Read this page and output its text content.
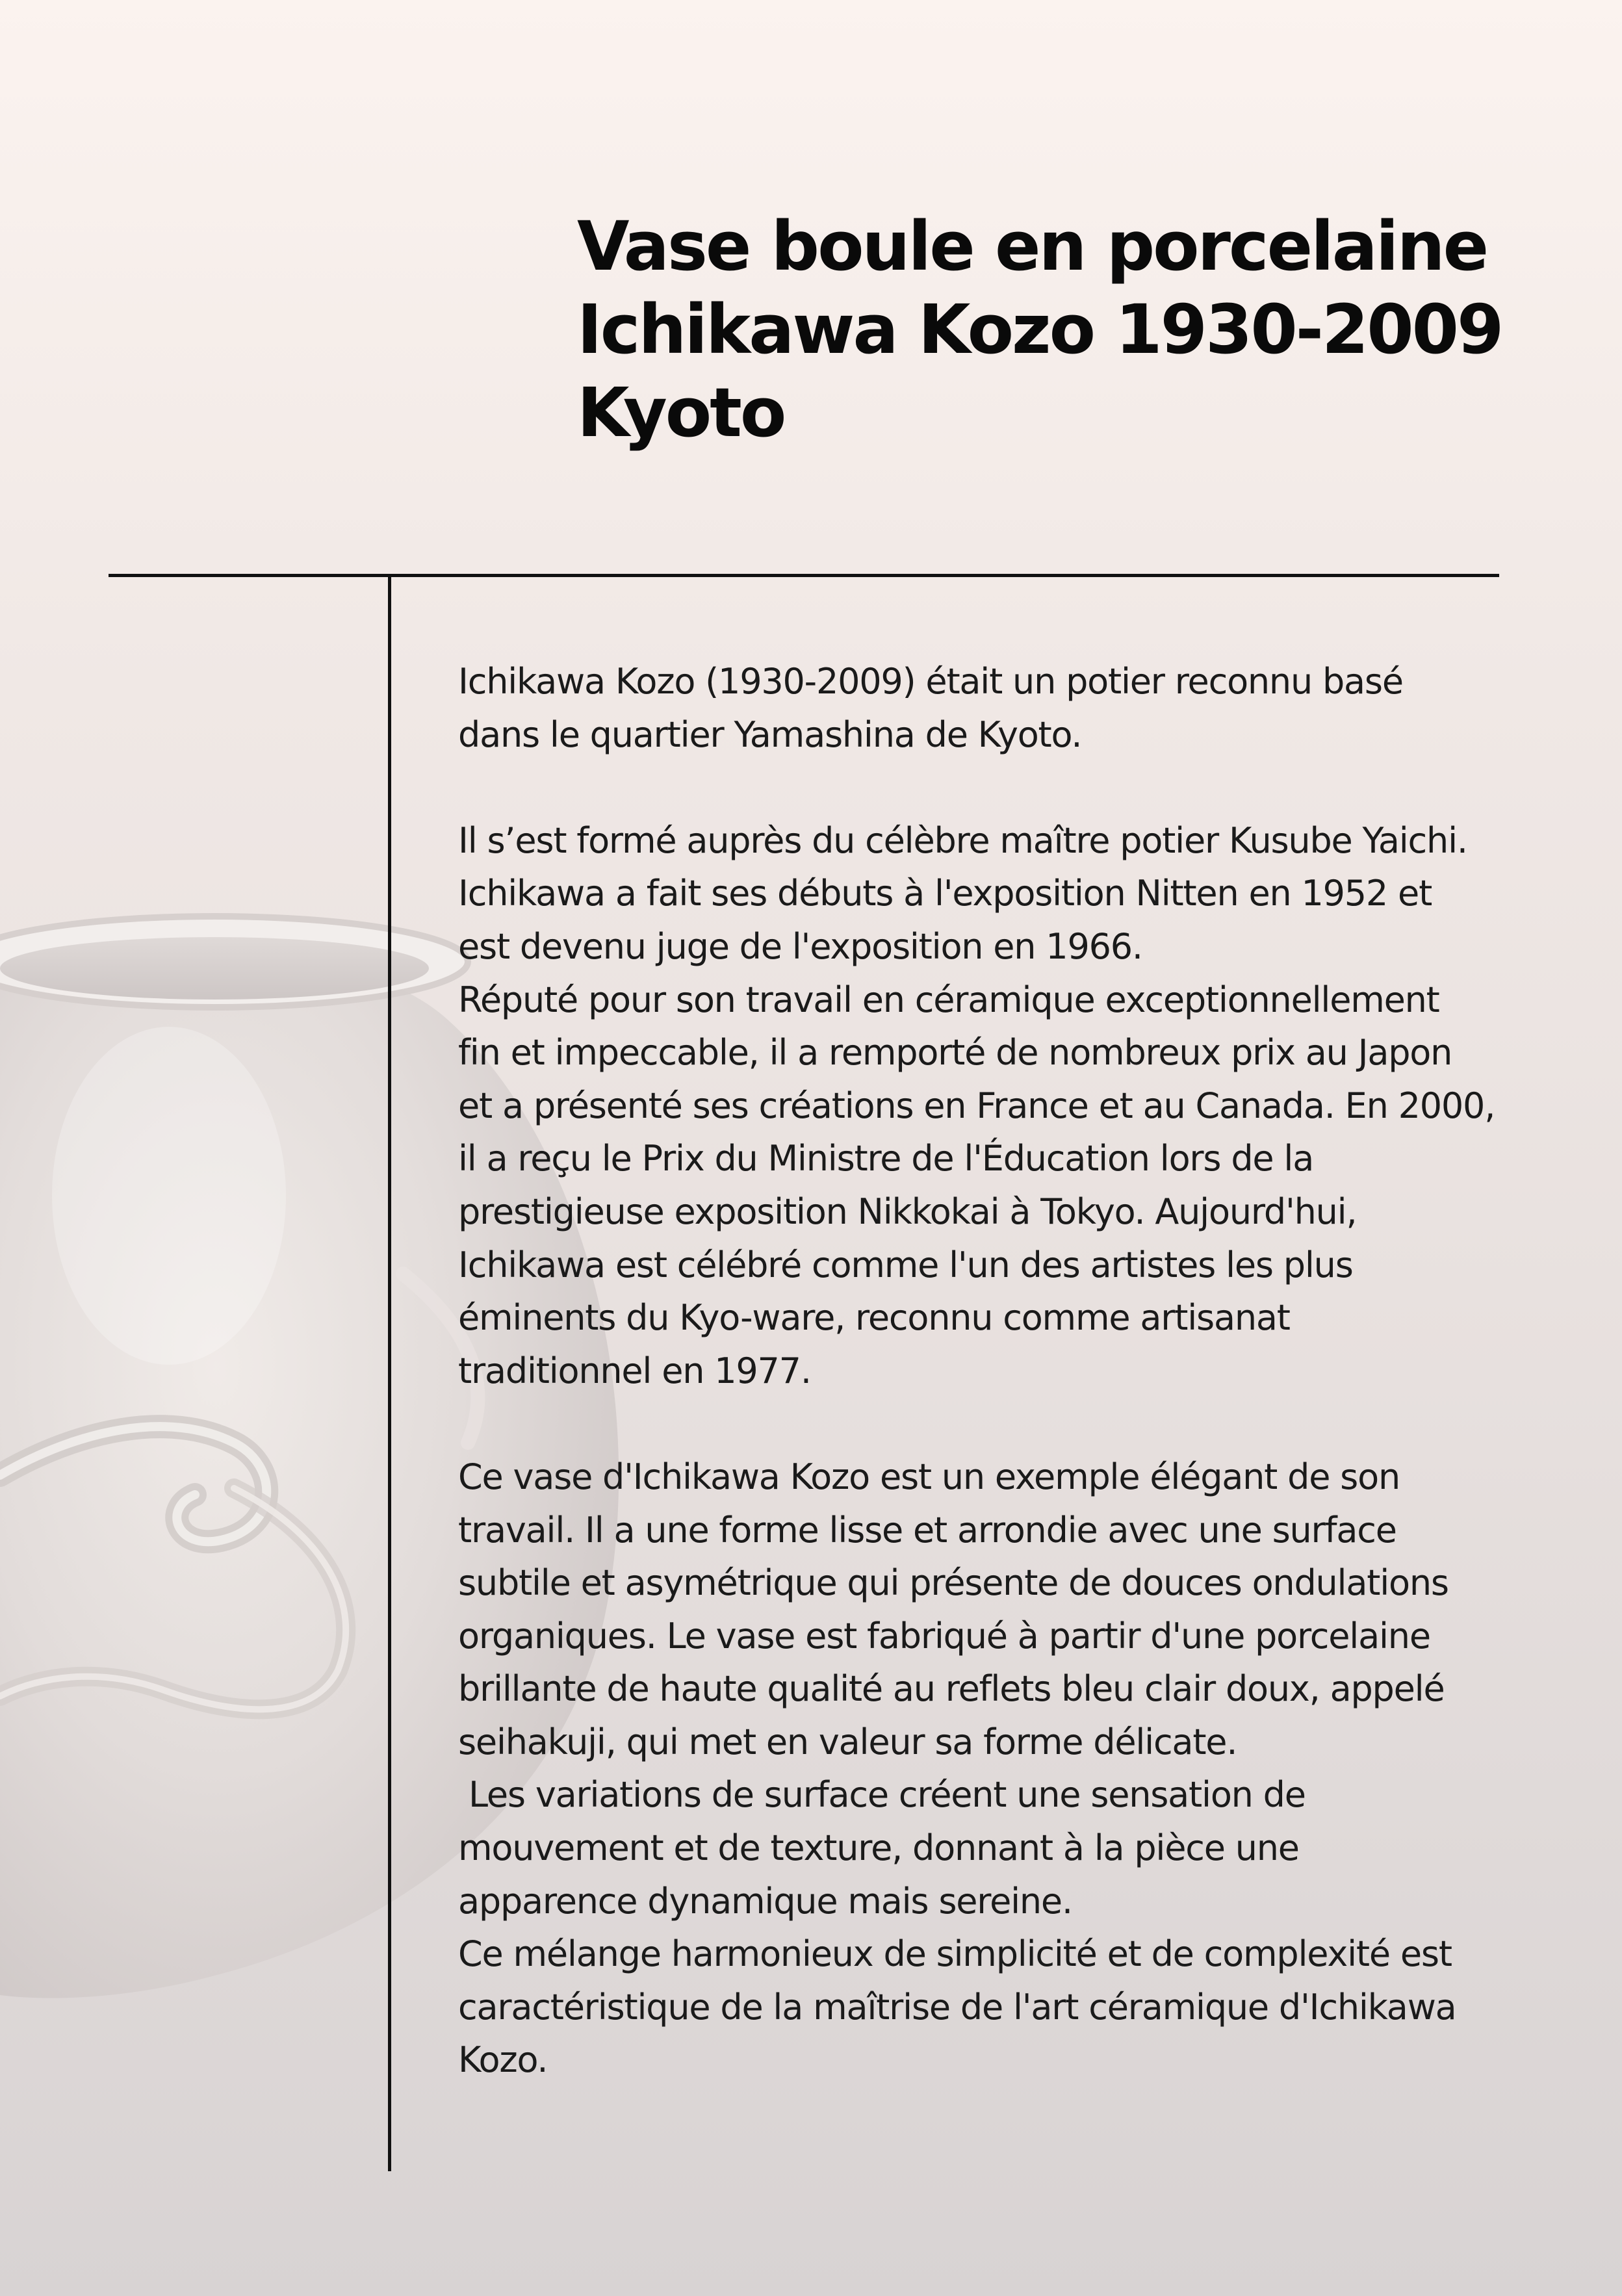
Vase boule en porcelaine
Ichikawa Kozo 1930-2009
Kyoto
Ichikawa Kozo (1930-2009) était un potier reconnu basé
dans le quartier Yamashina de Kyoto.
Il s’est formé auprès du célèbre maître potier Kusube Yaichi.
Ichikawa a fait ses débuts à l'exposition Nitten en 1952 et
est devenu juge de l'exposition en 1966.
Réputé pour son travail en céramique exceptionnellement
fin et impeccable, il a remporté de nombreux prix au Japon
et a présenté ses créations en France et au Canada. En 2000,
il a reçu le Prix du Ministre de l'Éducation lors de la
prestigieuse exposition Nikkokai à Tokyo. Aujourd'hui,
Ichikawa est célébré comme l'un des artistes les plus
éminents du Kyo-ware, reconnu comme artisanat
traditionnel en 1977.
Ce vase d'Ichikawa Kozo est un exemple élégant de son
travail. Il a une forme lisse et arrondie avec une surface
subtile et asymétrique qui présente de douces ondulations
organiques. Le vase est fabriqué à partir d'une porcelaine
brillante de haute qualité au reflets bleu clair doux, appelé
seihakuji, qui met en valeur sa forme délicate.
Les variations de surface créent une sensation de
mouvement et de texture, donnant à la pièce une
apparence dynamique mais sereine.
Ce mélange harmonieux de simplicité et de complexité est
caractéristique de la maîtrise de l'art céramique d'Ichikawa
Kozo.
